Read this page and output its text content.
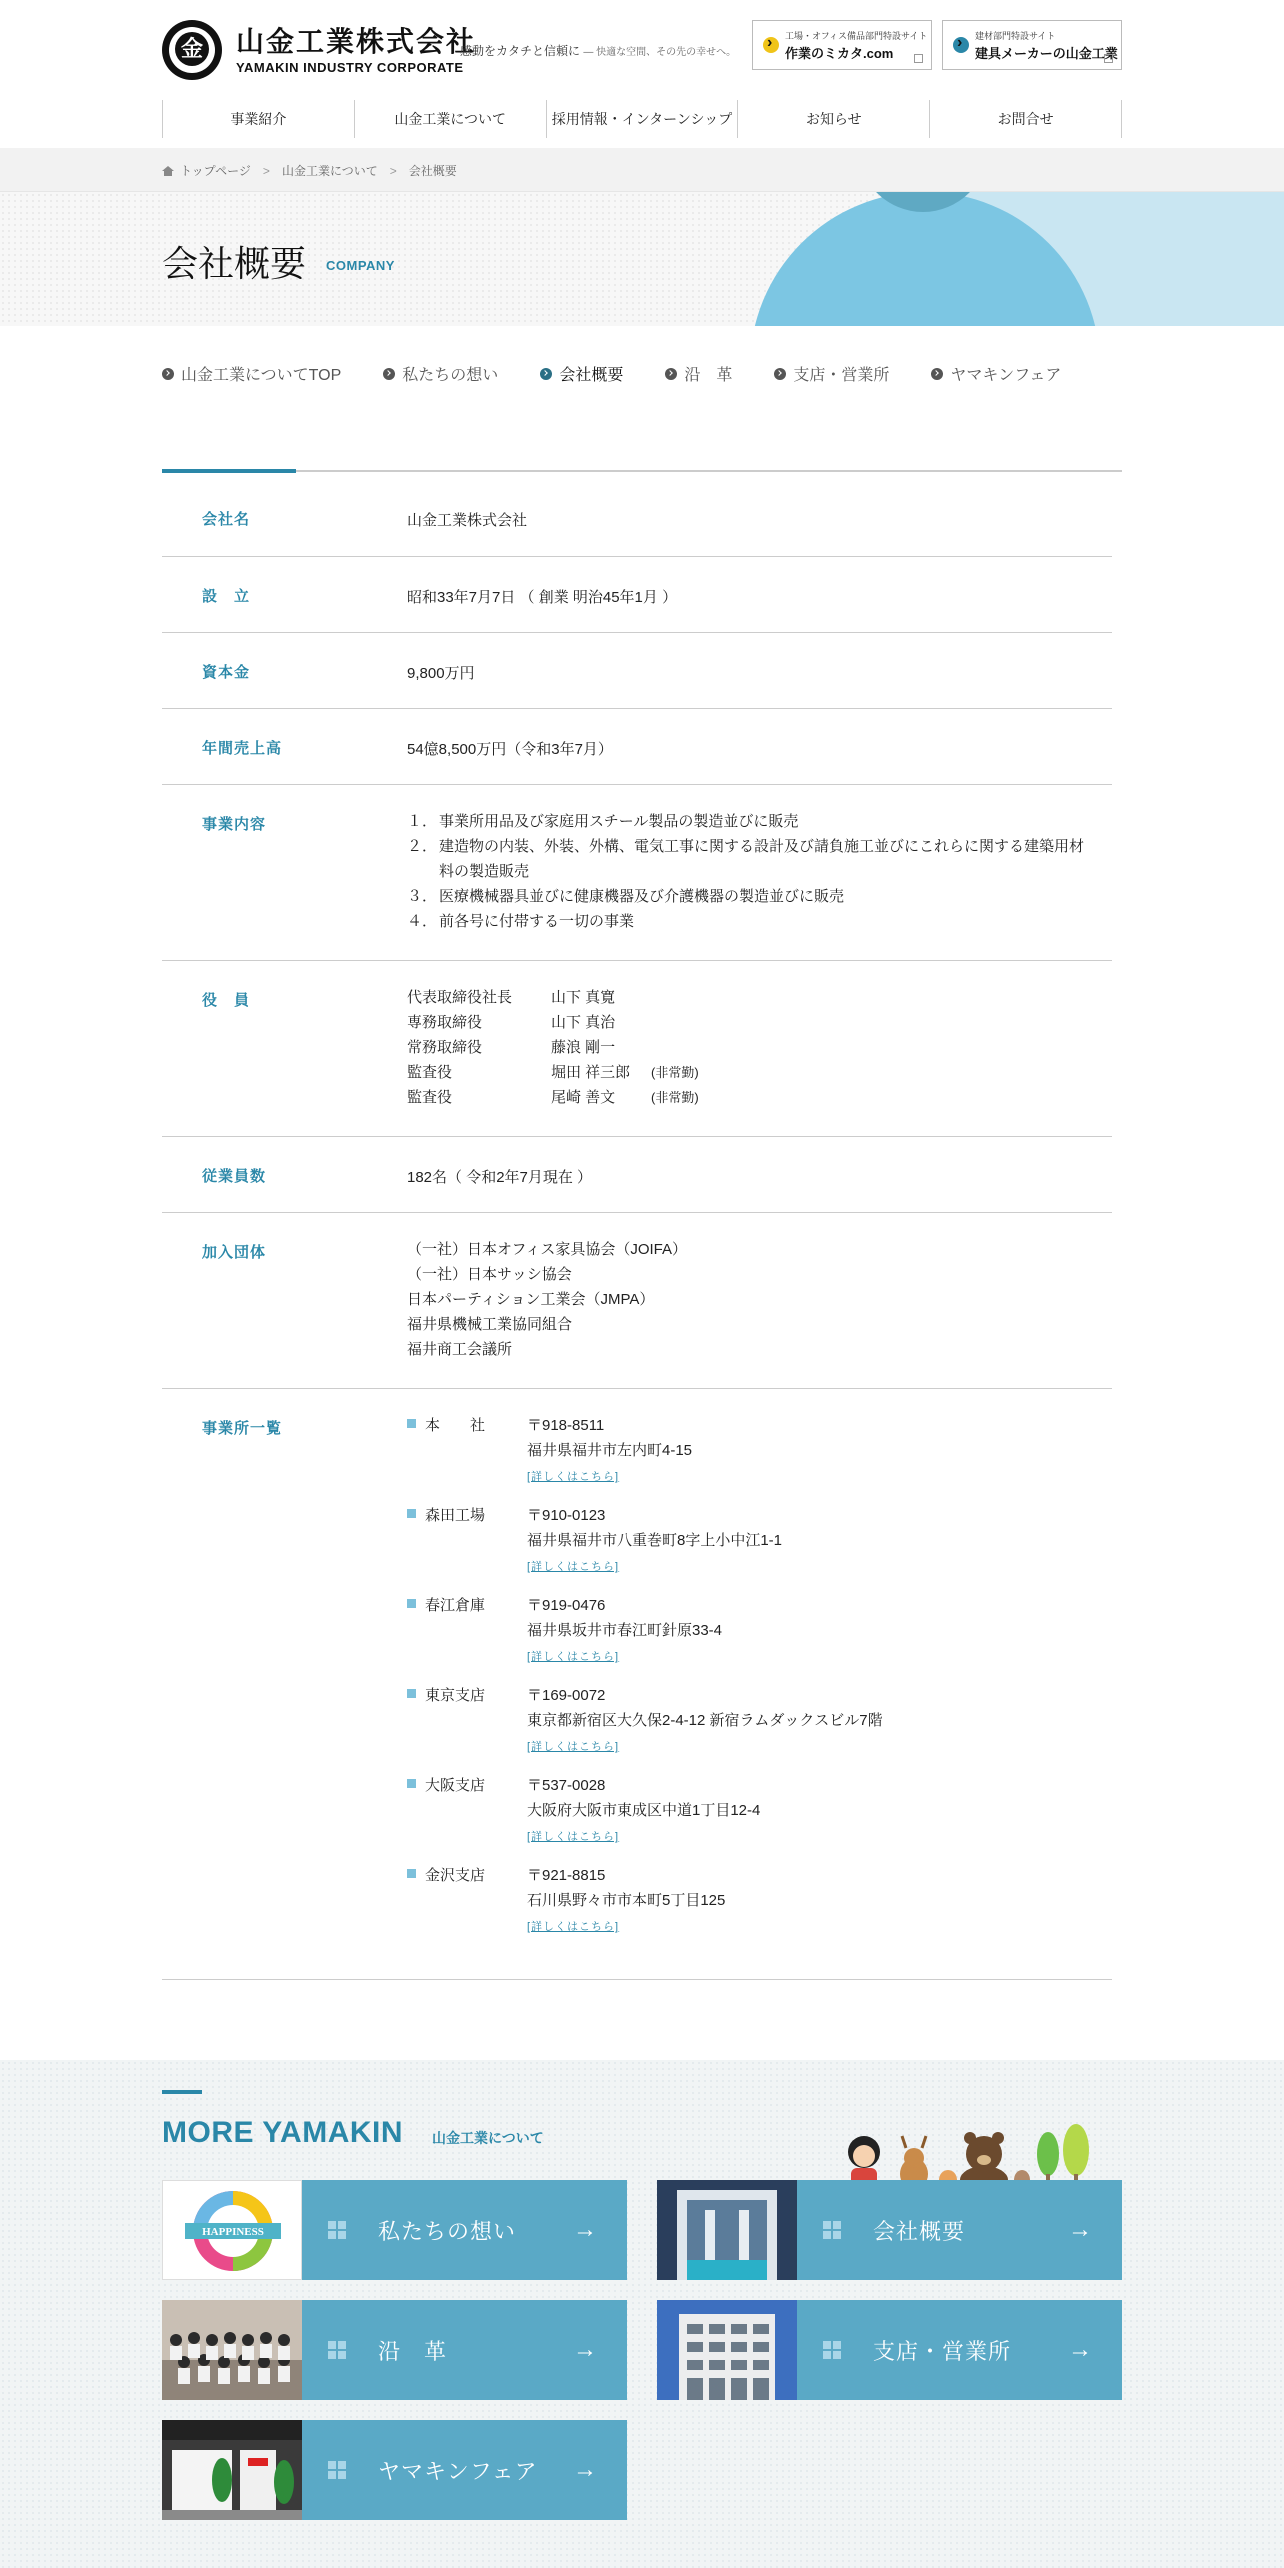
金
山金工業株式会社
YAMAKIN INDUSTRY CORPORATE
感動をカタチと信頼に — 快適な空間、その先の幸せへ。
›
工場・オフィス備品部門特設サイト
作業のミカタ.com
›
建材部門特設サイト
建具メーカーの山金工業
事業紹介	山金工業について	採用情報・インターンシップ	お知らせ	お問合せ
トップページ > 山金工業について > 会社概要
会社概要 COMPANY
山金工業についてTOP	私たちの想い	会社概要	沿　革	支店・営業所	ヤマキンフェア
会社名	山金工業株式会社
設　立	昭和33年7月7日 （ 創業 明治45年1月 ）
資本金	9,800万円
年間売上高	54億8,500万円（令和3年7月）
事業内容	１． 事業所用品及び家庭用スチール製品の製造並びに販売
２． 建造物の内装、外装、外構、電気工事に関する設計及び請負施工並びにこれらに関する建築用材料の製造販売
３． 医療機械器具並びに健康機器及び介護機器の製造並びに販売
４． 前各号に付帯する一切の事業
役　員	代表取締役社長	山下 真寛
専務取締役	山下 真治
常務取締役	藤浪 剛一
監査役	堀田 祥三郎	(非常勤)
監査役	尾崎 善文	(非常勤)
従業員数	182名（ 令和2年7月現在 ）
加入団体	（一社）日本オフィス家具協会（JOIFA）
（一社）日本サッシ協会
日本パーティション工業会（JMPA）
福井県機械工業協同組合
福井商工会議所
事業所一覧	本　　社	〒918-8511
福井県福井市左内町4-15
[詳しくはこちら]
森田工場	〒910-0123
福井県福井市八重巻町8字上小中江1-1
[詳しくはこちら]
春江倉庫	〒919-0476
福井県坂井市春江町針原33-4
[詳しくはこちら]
東京支店	〒169-0072
東京都新宿区大久保2-4-12 新宿ラムダックスビル7階
[詳しくはこちら]
大阪支店	〒537-0028
大阪府大阪市東成区中道1丁目12-4
[詳しくはこちら]
金沢支店	〒921-8815
石川県野々市市本町5丁目125
[詳しくはこちら]
MORE YAMAKIN 山金工業について
HAPPINESS	私たちの想い →	会社概要	→
沿　革	→	支店・営業所 →
ヤマキンフェア →
